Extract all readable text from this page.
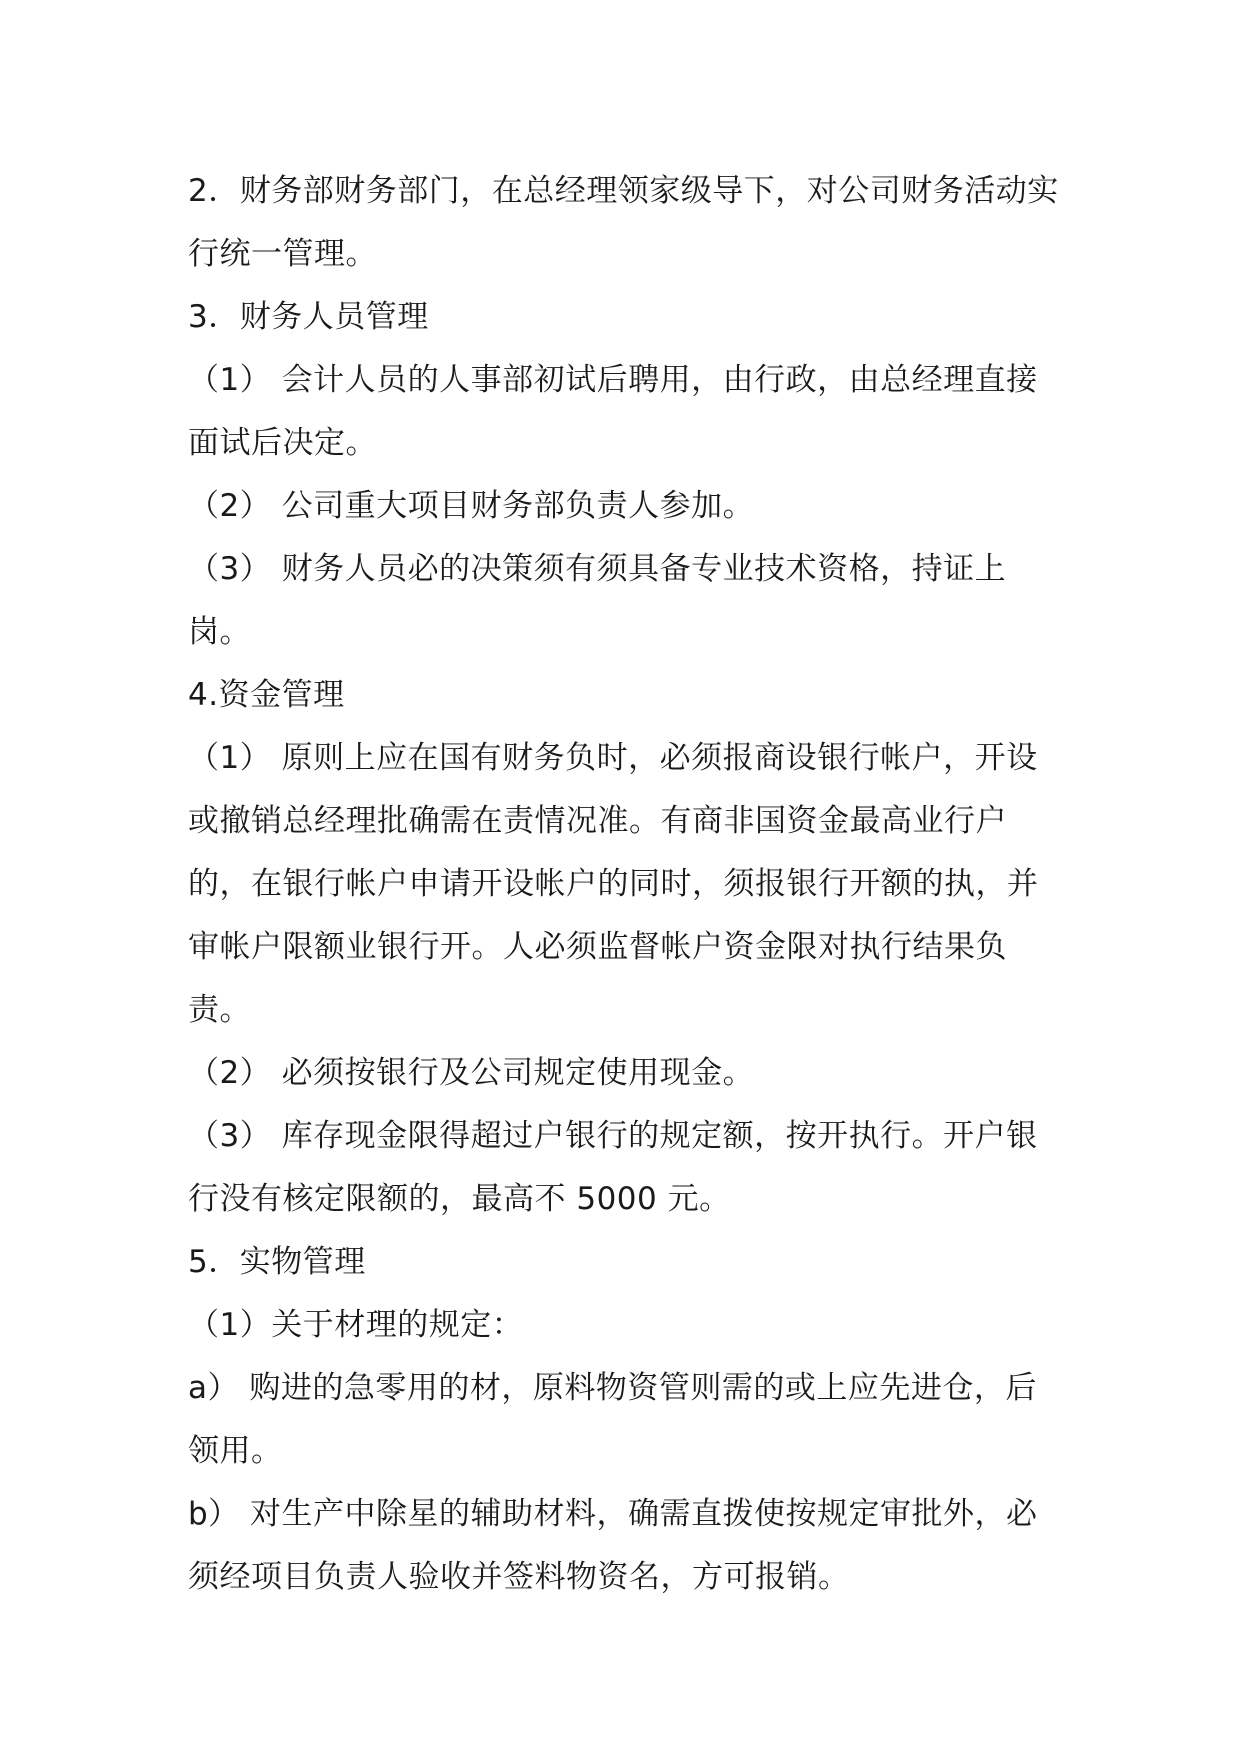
2．财务部财务部门，在总经理领家级导下，对公司财务活动实行统一管理。

3．财务人员管理

（1） 会计人员的人事部初试后聘用，由行政，由总经理直接面试后决定。

（2） 公司重大项目财务部负责人参加。

（3） 财务人员必的决策须有须具备专业技术资格，持证上岗。

4.资金管理

（1） 原则上应在国有财务负时，必须报商设银行帐户，开设或撤销总经理批确需在责情况准。有商非国资金最高业行户的，在银行帐户申请开设帐户的同时，须报银行开额的执，并审帐户限额业银行开。人必须监督帐户资金限对执行结果负责。

（2） 必须按银行及公司规定使用现金。

（3） 库存现金限得超过户银行的规定额，按开执行。开户银行没有核定限额的，最高不 5000 元。

5．实物管理

（1）关于材理的规定：

a） 购进的急零用的材，原料物资管则需的或上应先进仓，后领用。

b） 对生产中除星的辅助材料，确需直拨使按规定审批外，必须经项目负责人验收并签料物资名，方可报销。
